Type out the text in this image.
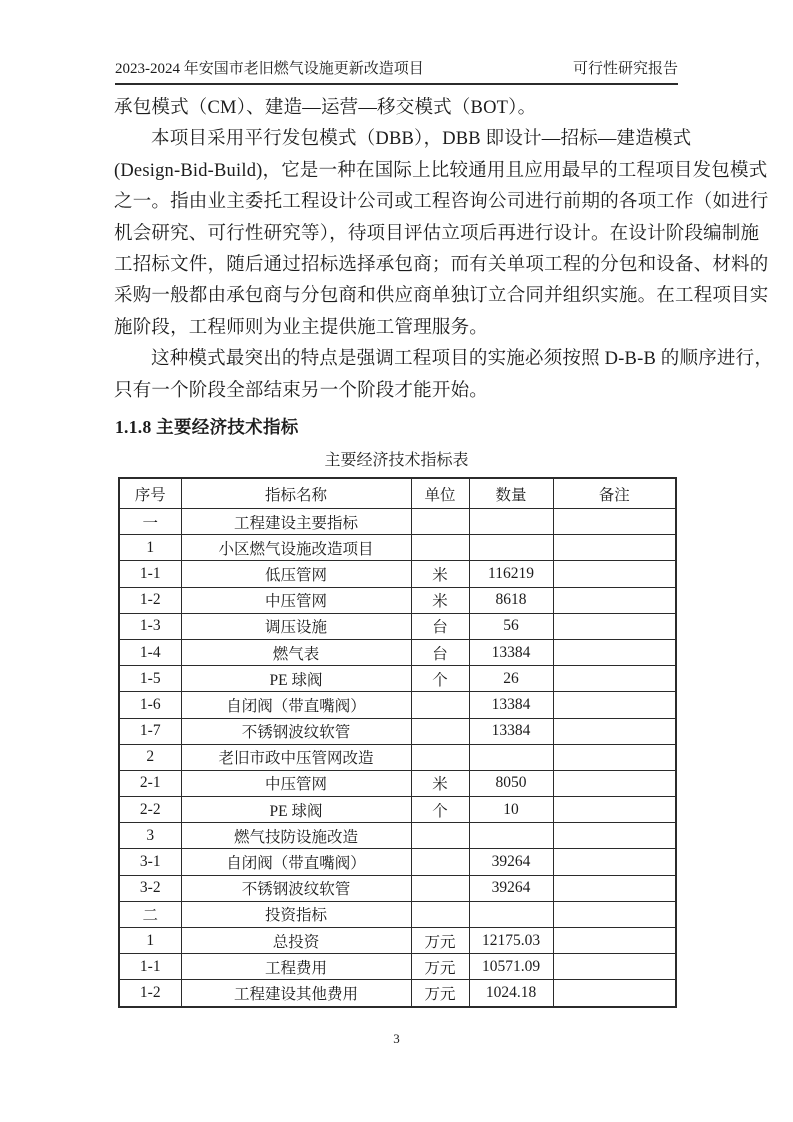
2023-2024 年安国市老旧燃气设施更新改造项目	可行性研究报告
承包模式（CM）、建造—运营—移交模式（BOT）。
本项目采用平行发包模式（DBB），DBB 即设计—招标—建造模式
(Design-Bid-Build)，它是一种在国际上比较通用且应用最早的工程项目发包模式
之一。指由业主委托工程设计公司或工程咨询公司进行前期的各项工作（如进行
机会研究、可行性研究等），待项目评估立项后再进行设计。在设计阶段编制施
工招标文件，随后通过招标选择承包商；而有关单项工程的分包和设备、材料的
采购一般都由承包商与分包商和供应商单独订立合同并组织实施。在工程项目实
施阶段，工程师则为业主提供施工管理服务。
这种模式最突出的特点是强调工程项目的实施必须按照 D-B-B 的顺序进行，
只有一个阶段全部结束另一个阶段才能开始。
1.1.8 主要经济技术指标
主要经济技术指标表
序号	指标名称	单位	数量	备注
一	工程建设主要指标			
1	小区燃气设施改造项目			
1-1	低压管网	米	116219	
1-2	中压管网	米	8618	
1-3	调压设施	台	56	
1-4	燃气表	台	13384	
1-5	PE 球阀	个	26	
1-6	自闭阀（带直嘴阀）		13384	
1-7	不锈钢波纹软管		13384	
2	老旧市政中压管网改造			
2-1	中压管网	米	8050	
2-2	PE 球阀	个	10	
3	燃气技防设施改造			
3-1	自闭阀（带直嘴阀）		39264	
3-2	不锈钢波纹软管		39264	
二	投资指标			
1	总投资	万元	12175.03	
1-1	工程费用	万元	10571.09	
1-2	工程建设其他费用	万元	1024.18	
3
